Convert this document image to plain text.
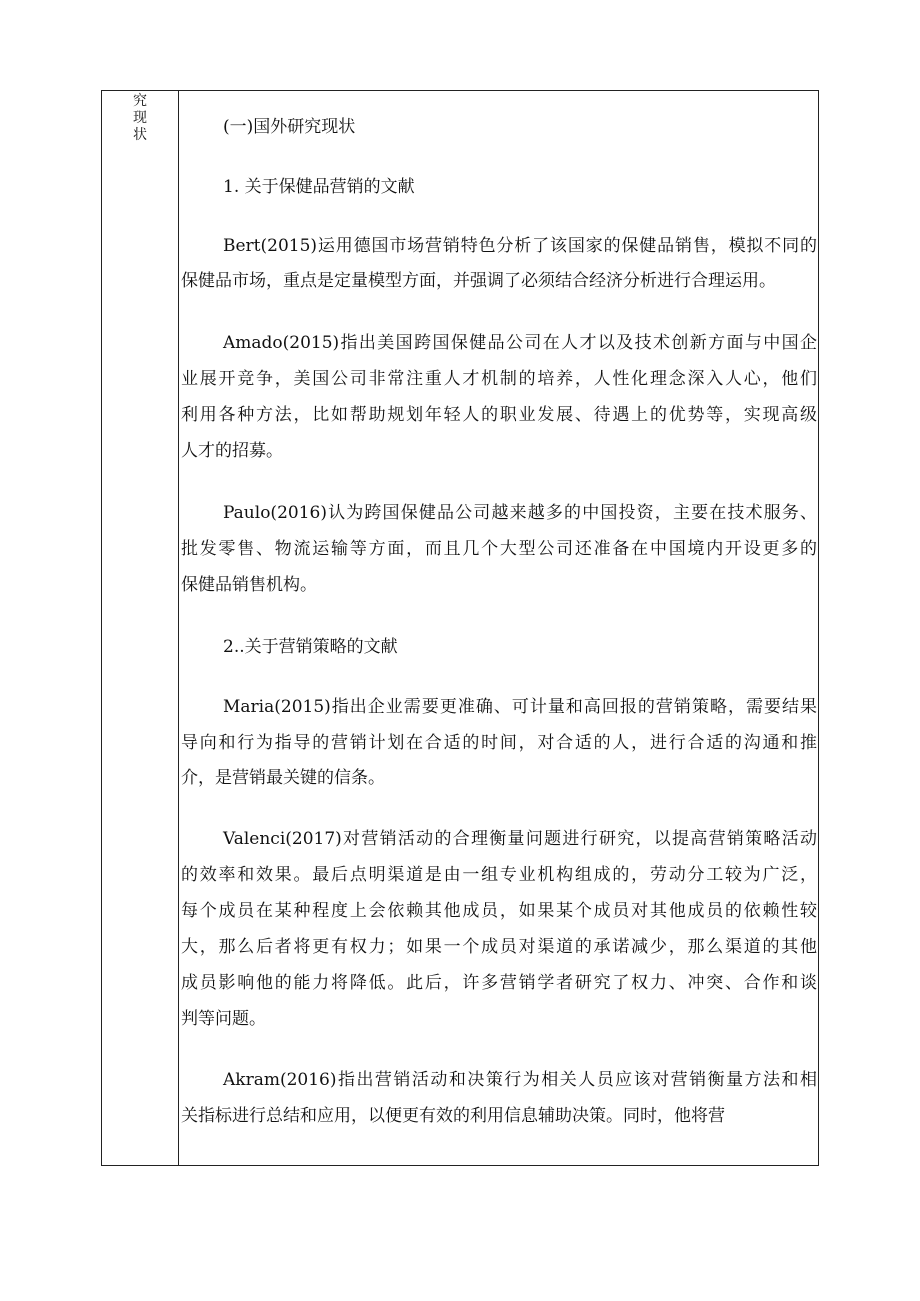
究
现
状	(一)国外研究现状
1. 关于保健品营销的文献
Bert(2015)运用德国市场营销特色分析了该国家的保健品销售，模拟不同的
保健品市场，重点是定量模型方面，并强调了必须结合经济分析进行合理运用。
Amado(2015)指出美国跨国保健品公司在人才以及技术创新方面与中国企
业展开竞争，美国公司非常注重人才机制的培养，人性化理念深入人心，他们
利用各种方法，比如帮助规划年轻人的职业发展、待遇上的优势等，实现高级
人才的招募。
Paulo(2016)认为跨国保健品公司越来越多的中国投资，主要在技术服务、
批发零售、物流运输等方面，而且几个大型公司还准备在中国境内开设更多的
保健品销售机构。
2..关于营销策略的文献
Maria(2015)指出企业需要更准确、可计量和高回报的营销策略，需要结果
导向和行为指导的营销计划在合适的时间，对合适的人，进行合适的沟通和推
介，是营销最关键的信条。
Valenci(2017)对营销活动的合理衡量问题进行研究，以提高营销策略活动
的效率和效果。最后点明渠道是由一组专业机构组成的，劳动分工较为广泛，
每个成员在某种程度上会依赖其他成员，如果某个成员对其他成员的依赖性较
大，那么后者将更有权力；如果一个成员对渠道的承诺减少，那么渠道的其他
成员影响他的能力将降低。此后，许多营销学者研究了权力、冲突、合作和谈
判等问题。
Akram(2016)指出营销活动和决策行为相关人员应该对营销衡量方法和相
关指标进行总结和应用，以便更有效的利用信息辅助决策。同时，他将营
